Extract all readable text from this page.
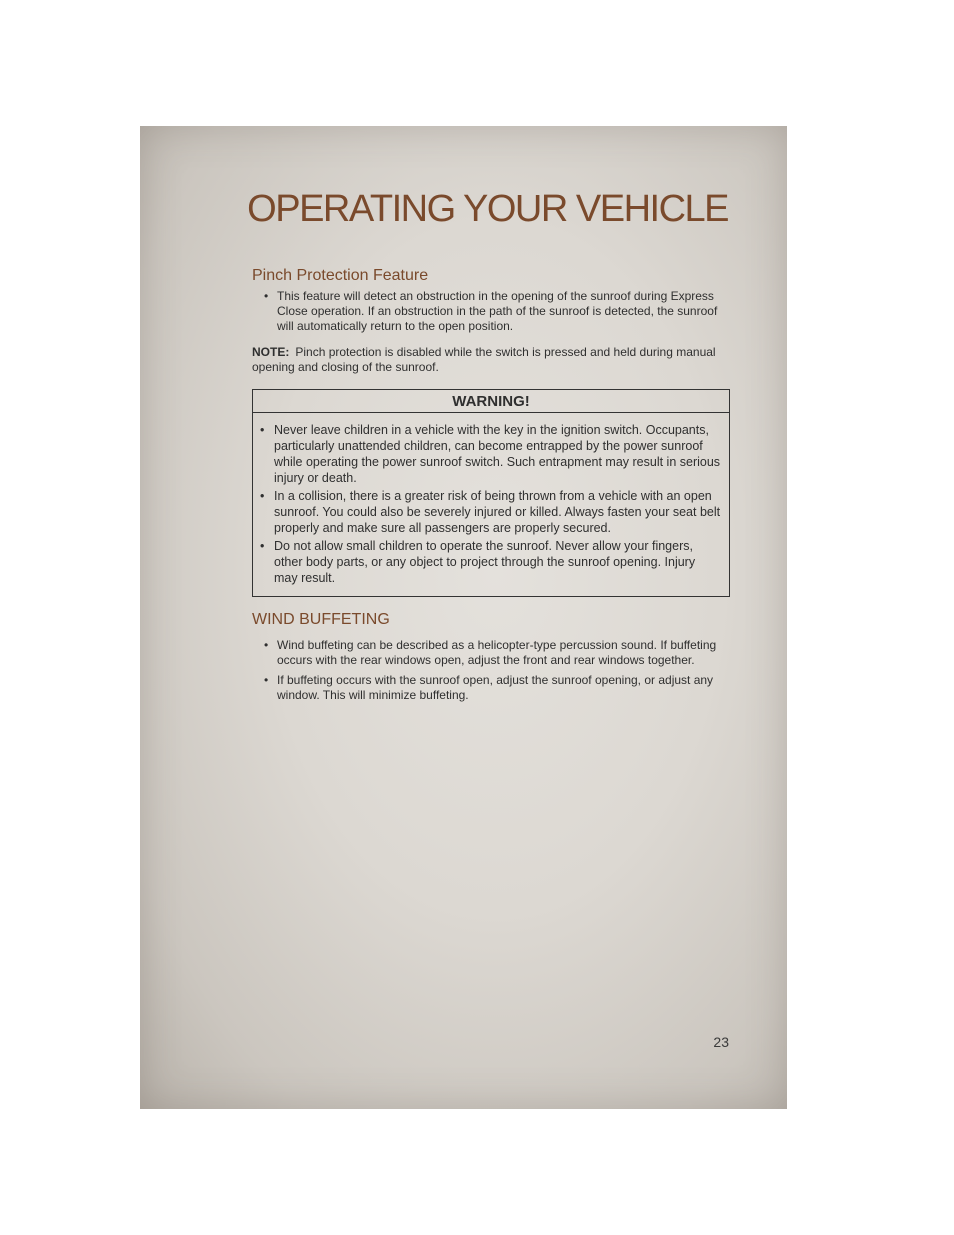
OPERATING YOUR VEHICLE
Pinch Protection Feature
• This feature will detect an obstruction in the opening of the sunroof during Express Close operation. If an obstruction in the path of the sunroof is detected, the sunroof will automatically return to the open position.

NOTE: Pinch protection is disabled while the switch is pressed and held during manual opening and closing of the sunroof.

WARNING!
• Never leave children in a vehicle with the key in the ignition switch. Occupants, particularly unattended children, can become entrapped by the power sunroof while operating the power sunroof switch. Such entrapment may result in serious injury or death.
• In a collision, there is a greater risk of being thrown from a vehicle with an open sunroof. You could also be severely injured or killed. Always fasten your seat belt properly and make sure all passengers are properly secured.
• Do not allow small children to operate the sunroof. Never allow your fingers, other body parts, or any object to project through the sunroof opening. Injury may result.
WIND BUFFETING
• Wind buffeting can be described as a helicopter-type percussion sound. If buffeting occurs with the rear windows open, adjust the front and rear windows together.
• If buffeting occurs with the sunroof open, adjust the sunroof opening, or adjust any window. This will minimize buffeting.
23
